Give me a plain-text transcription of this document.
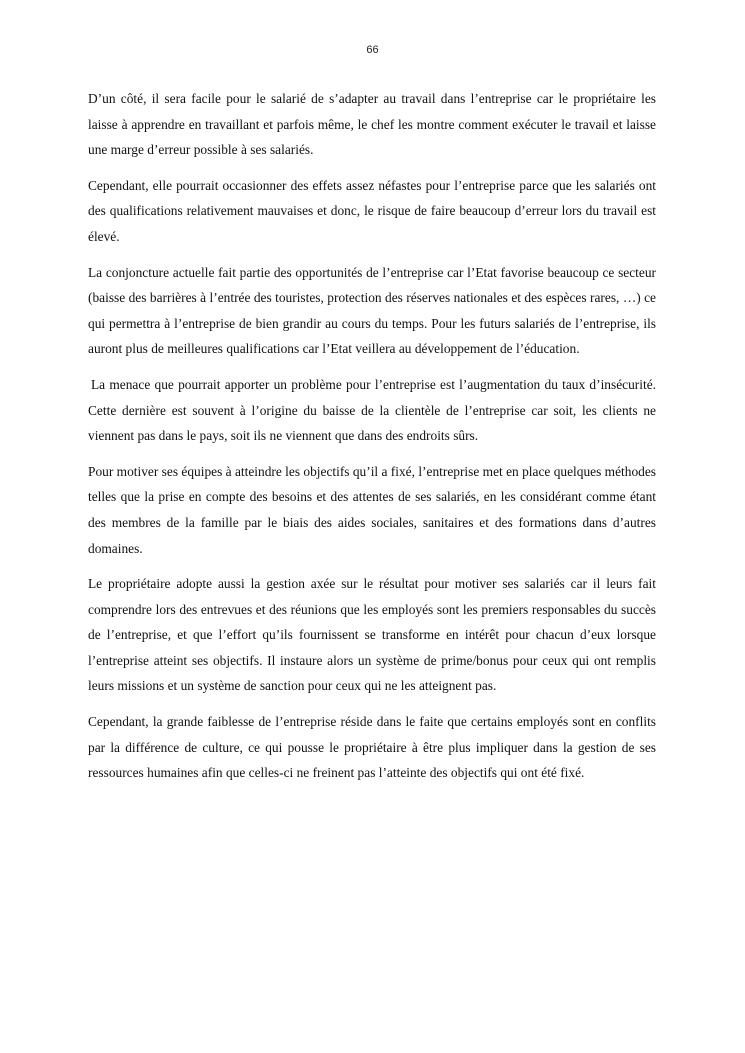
66

D’un côté, il sera facile pour le salarié de s’adapter au travail dans l’entreprise car le propriétaire les laisse à apprendre en travaillant et parfois même, le chef les montre comment exécuter le travail et laisse une marge d’erreur possible à ses salariés.

Cependant, elle pourrait occasionner des effets assez néfastes pour l’entreprise parce que les salariés ont des qualifications relativement mauvaises et donc, le risque de faire beaucoup d’erreur lors du travail est élevé.

La conjoncture actuelle fait partie des opportunités de l’entreprise car l’Etat favorise beaucoup ce secteur (baisse des barrières à l’entrée des touristes, protection des réserves nationales et des espèces rares, …) ce qui permettra à l’entreprise de bien grandir au cours du temps. Pour les futurs salariés de l’entreprise, ils auront plus de meilleures qualifications car l’Etat veillera au développement de l’éducation.

La menace que pourrait apporter un problème pour l’entreprise est l’augmentation du taux d’insécurité. Cette dernière est souvent à l’origine du baisse de la clientèle de l’entreprise car soit, les clients ne viennent pas dans le pays, soit ils ne viennent que dans des endroits sûrs.

Pour motiver ses équipes à atteindre les objectifs qu’il a fixé, l’entreprise met en place quelques méthodes telles que la prise en compte des besoins et des attentes de ses salariés, en les considérant comme étant des membres de la famille par le biais des aides sociales, sanitaires et des formations dans d’autres domaines.

Le propriétaire adopte aussi la gestion axée sur le résultat pour motiver ses salariés car il leurs fait comprendre lors des entrevues et des réunions que les employés sont les premiers responsables du succès de l’entreprise, et que l’effort qu’ils fournissent se transforme en intérêt pour chacun d’eux lorsque l’entreprise atteint ses objectifs. Il instaure alors un système de prime/bonus pour ceux qui ont remplis leurs missions et un système de sanction pour ceux qui ne les atteignent pas.

Cependant, la grande faiblesse de l’entreprise réside dans le faite que certains employés sont en conflits par la différence de culture, ce qui pousse le propriétaire à être plus impliquer dans la gestion de ses ressources humaines afin que celles-ci ne freinent pas l’atteinte des objectifs qui ont été fixé.
